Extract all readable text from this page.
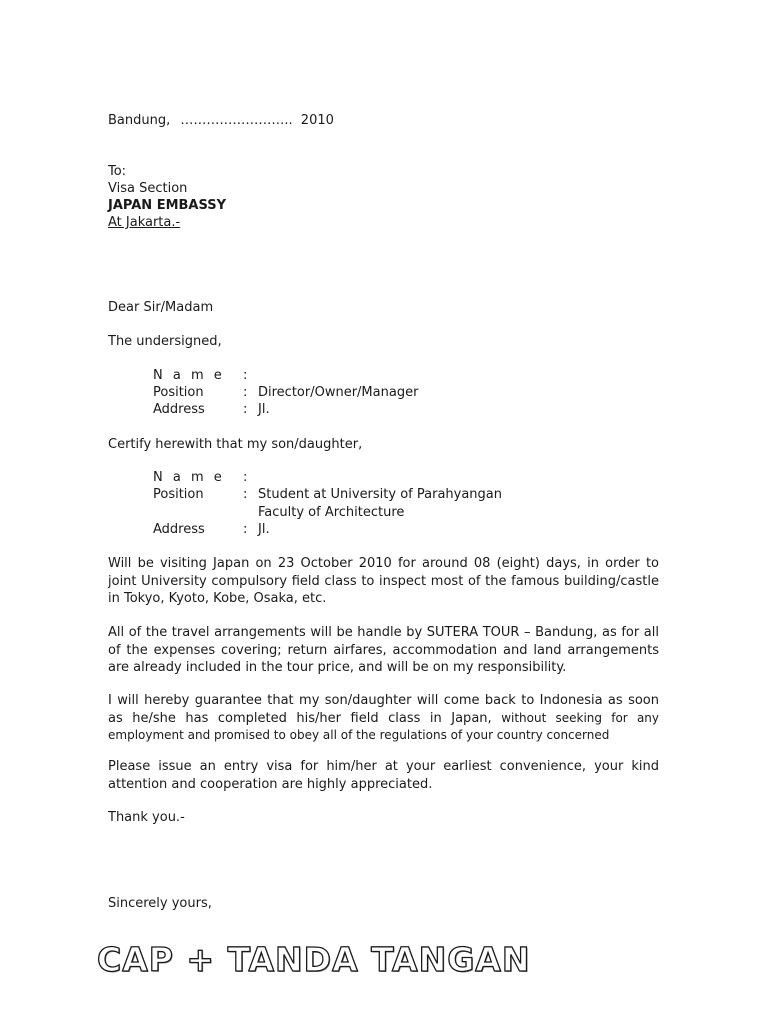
Bandung, …………………….. 2010
To:
Visa Section
JAPAN EMBASSY
At Jakarta.-
Dear Sir/Madam
The undersigned,
N a m e :
Position	: Director/Owner/Manager
Address	: Jl.
Certify herewith that my son/daughter,
N a m e :
Position	: Student at University of Parahyangan
Faculty of Architecture
Address	: Jl.
Will be visiting Japan on 23 October 2010 for around 08 (eight) days, in order to joint University compulsory field class to inspect most of the famous building/castle in Tokyo, Kyoto, Kobe, Osaka, etc.
All of the travel arrangements will be handle by SUTERA TOUR – Bandung, as for all of the expenses covering; return airfares, accommodation and land arrangements are already included in the tour price, and will be on my responsibility.
I will hereby guarantee that my son/daughter will come back to Indonesia as soon as he/she has completed his/her field class in Japan, without seeking for any employment and promised to obey all of the regulations of your country concerned
Please issue an entry visa for him/her at your earliest convenience, your kind attention and cooperation are highly appreciated.
Thank you.-
Sincerely yours,
CAP + TANDA TANGAN
